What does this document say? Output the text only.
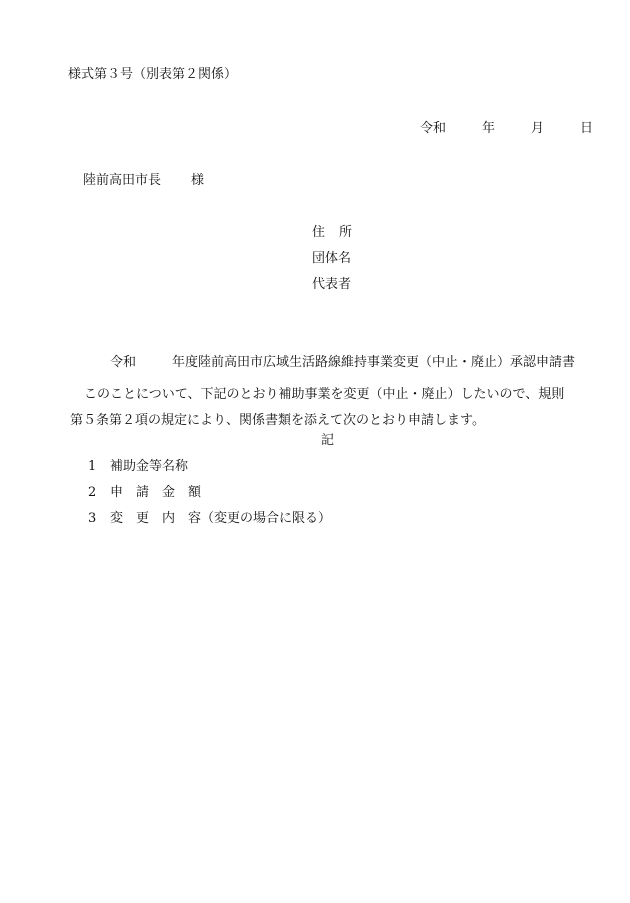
様式第３号（別表第２関係）
令和	年	月	日
陸前高田市長 様
住 所
団体名
代表者
令和	年度陸前高田市広域生活路線維持事業変更（中止・廃止）承認申請書
このことについて、下記のとおり補助事業を変更（中止・廃止）したいので、規則
第５条第２項の規定により、関係書類を添えて次のとおり申請します。
記
1 補助金等名称
2 申　請　金　額
3 変　更　内　容（変更の場合に限る）
